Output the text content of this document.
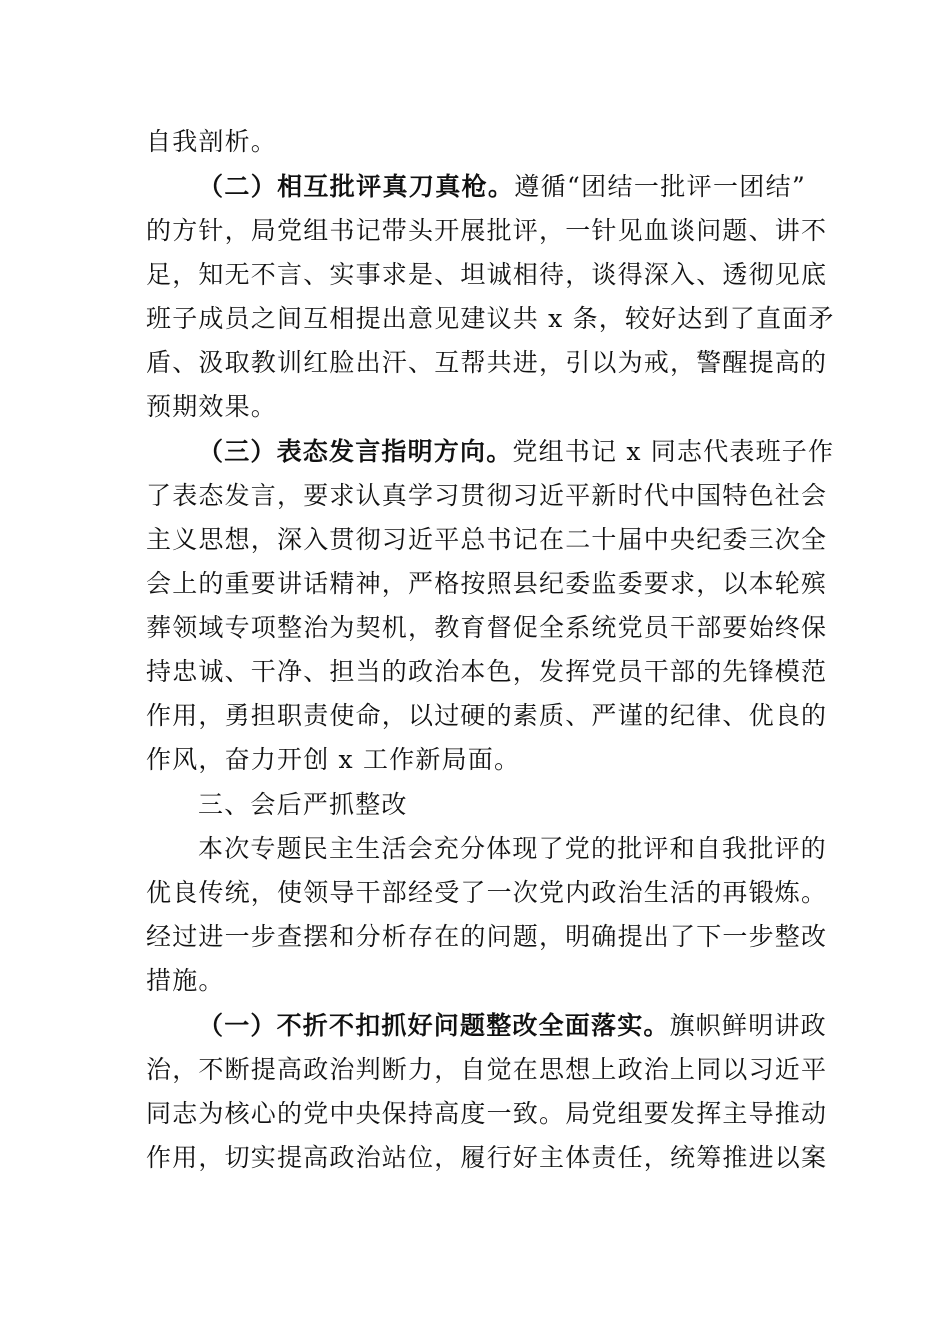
自我剖析。
（二）相互批评真刀真枪。遵循“团结一批评一团结”
的方针，局党组书记带头开展批评，一针见血谈问题、讲不
足，知无不言、实事求是、坦诚相待，谈得深入、透彻见底
班子成员之间互相提出意见建议共 x 条，较好达到了直面矛
盾、汲取教训红脸出汗、互帮共进，引以为戒，警醒提高的
预期效果。
（三）表态发言指明方向。党组书记 x 同志代表班子作
了表态发言，要求认真学习贯彻习近平新时代中国特色社会
主义思想，深入贯彻习近平总书记在二十届中央纪委三次全
会上的重要讲话精神，严格按照县纪委监委要求，以本轮殡
葬领域专项整治为契机，教育督促全系统党员干部要始终保
持忠诚、干净、担当的政治本色，发挥党员干部的先锋模范
作用，勇担职责使命，以过硬的素质、严谨的纪律、优良的
作风，奋力开创 x 工作新局面。
三、会后严抓整改
本次专题民主生活会充分体现了党的批评和自我批评的
优良传统，使领导干部经受了一次党内政治生活的再锻炼。
经过进一步查摆和分析存在的问题，明确提出了下一步整改
措施。
（一）不折不扣抓好问题整改全面落实。旗帜鲜明讲政
治，不断提高政治判断力，自觉在思想上政治上同以习近平
同志为核心的党中央保持高度一致。局党组要发挥主导推动
作用，切实提高政治站位，履行好主体责任，统筹推进以案
